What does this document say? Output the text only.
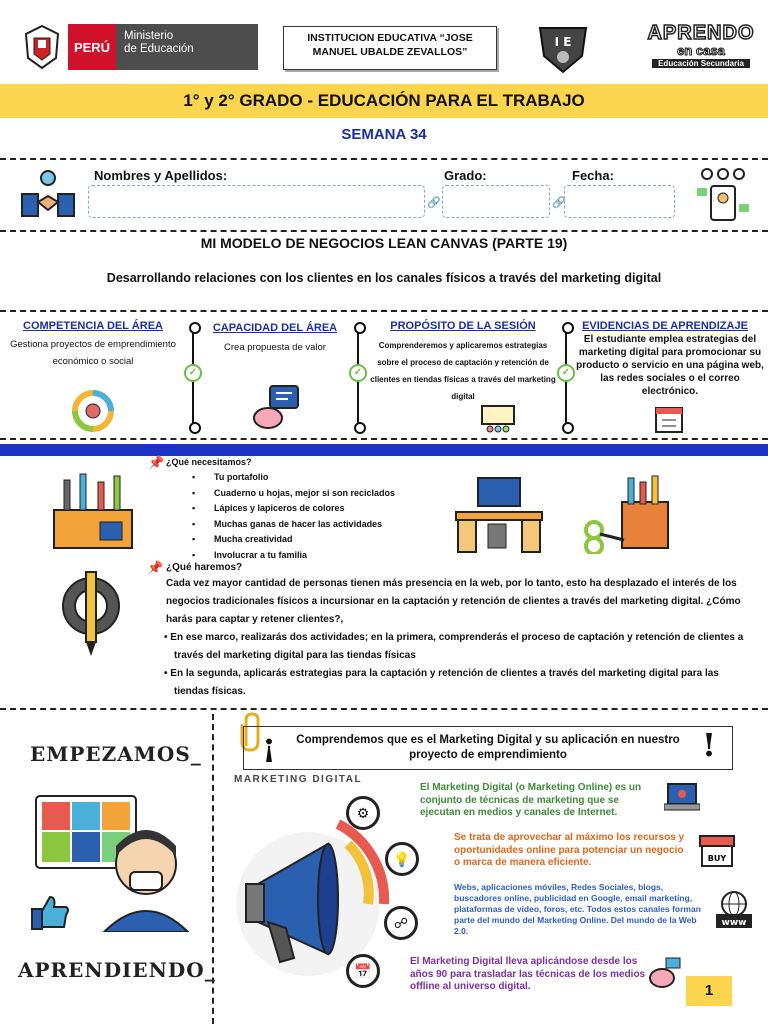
PERÚ
Ministerio
de Educación
INSTITUCION EDUCATIVA “JOSE MANUEL UBALDE ZEVALLOS”
I E	APRENDO
en casa
Educación Secundaria
1° y 2° GRADO - EDUCACIÓN PARA EL TRABAJO
SEMANA 34
Nombres y Apellidos:	Grado:	Fecha:
🔗	🔗
MI MODELO DE NEGOCIOS LEAN CANVAS (PARTE 19)
Desarrollando relaciones con los clientes en los canales físicos a través del marketing digital
COMPETENCIA DEL ÁREA
Gestiona proyectos de emprendimiento económico o social
✓
CAPACIDAD DEL ÁREA
Crea propuesta de valor
✓
PROPÓSITO DE LA SESIÓN
Comprenderemos y aplicaremos estrategias sobre el proceso de captación y retención de clientes en tiendas físicas a través del marketing digital
✓
EVIDENCIAS DE APRENDIZAJE
El estudiante emplea estrategias del marketing digital para promocionar su producto o servicio en una página web, las redes sociales o el correo electrónico.
📌 ¿Qué necesitamos?
▪ Tu portafolio
▪ Cuaderno u hojas, mejor si son reciclados
▪ Lápices y lapiceros de colores
▪ Muchas ganas de hacer las actividades
▪ Mucha creatividad
▪ Involucrar a tu familia
📌 ¿Qué haremos?
Cada vez mayor cantidad de personas tienen más presencia en la web, por lo tanto, esto ha desplazado el interés de los negocios tradicionales físicos a incursionar en la captación y retención de clientes a través del marketing digital. ¿Cómo harás para captar y retener clientes?,
• En ese marco, realizarás dos actividades; en la primera, comprenderás el proceso de captación y retención de clientes a través del marketing digital para las tiendas físicas
• En la segunda, aplicarás estrategias para la captación y retención de clientes a través del marketing digital para las tiendas físicas.
EMPEZAMOS_
APRENDIENDO_
Comprendemos que es el Marketing Digital y su aplicación en nuestro proyecto de emprendimiento
¡	!
MARKETING DIGITAL
⚙
El Marketing Digital (o Marketing Online) es un conjunto de técnicas de marketing que se ejecutan en medios y canales de Internet.
💡
Se trata de aprovechar al máximo los recursos y oportunidades online para potenciar un negocio o marca de manera eficiente.	BUY
☍
Webs, aplicaciones móviles, Redes Sociales, blogs, buscadores online, publicidad en Google, email marketing, plataformas de vídeo, foros, etc. Todos estos canales forman parte del mundo del Marketing Online. Del mundo de la Web 2.0.
www
📅
El Marketing Digital lleva aplicándose desde los años 90 para trasladar las técnicas de los medios offline al universo digital.	1
